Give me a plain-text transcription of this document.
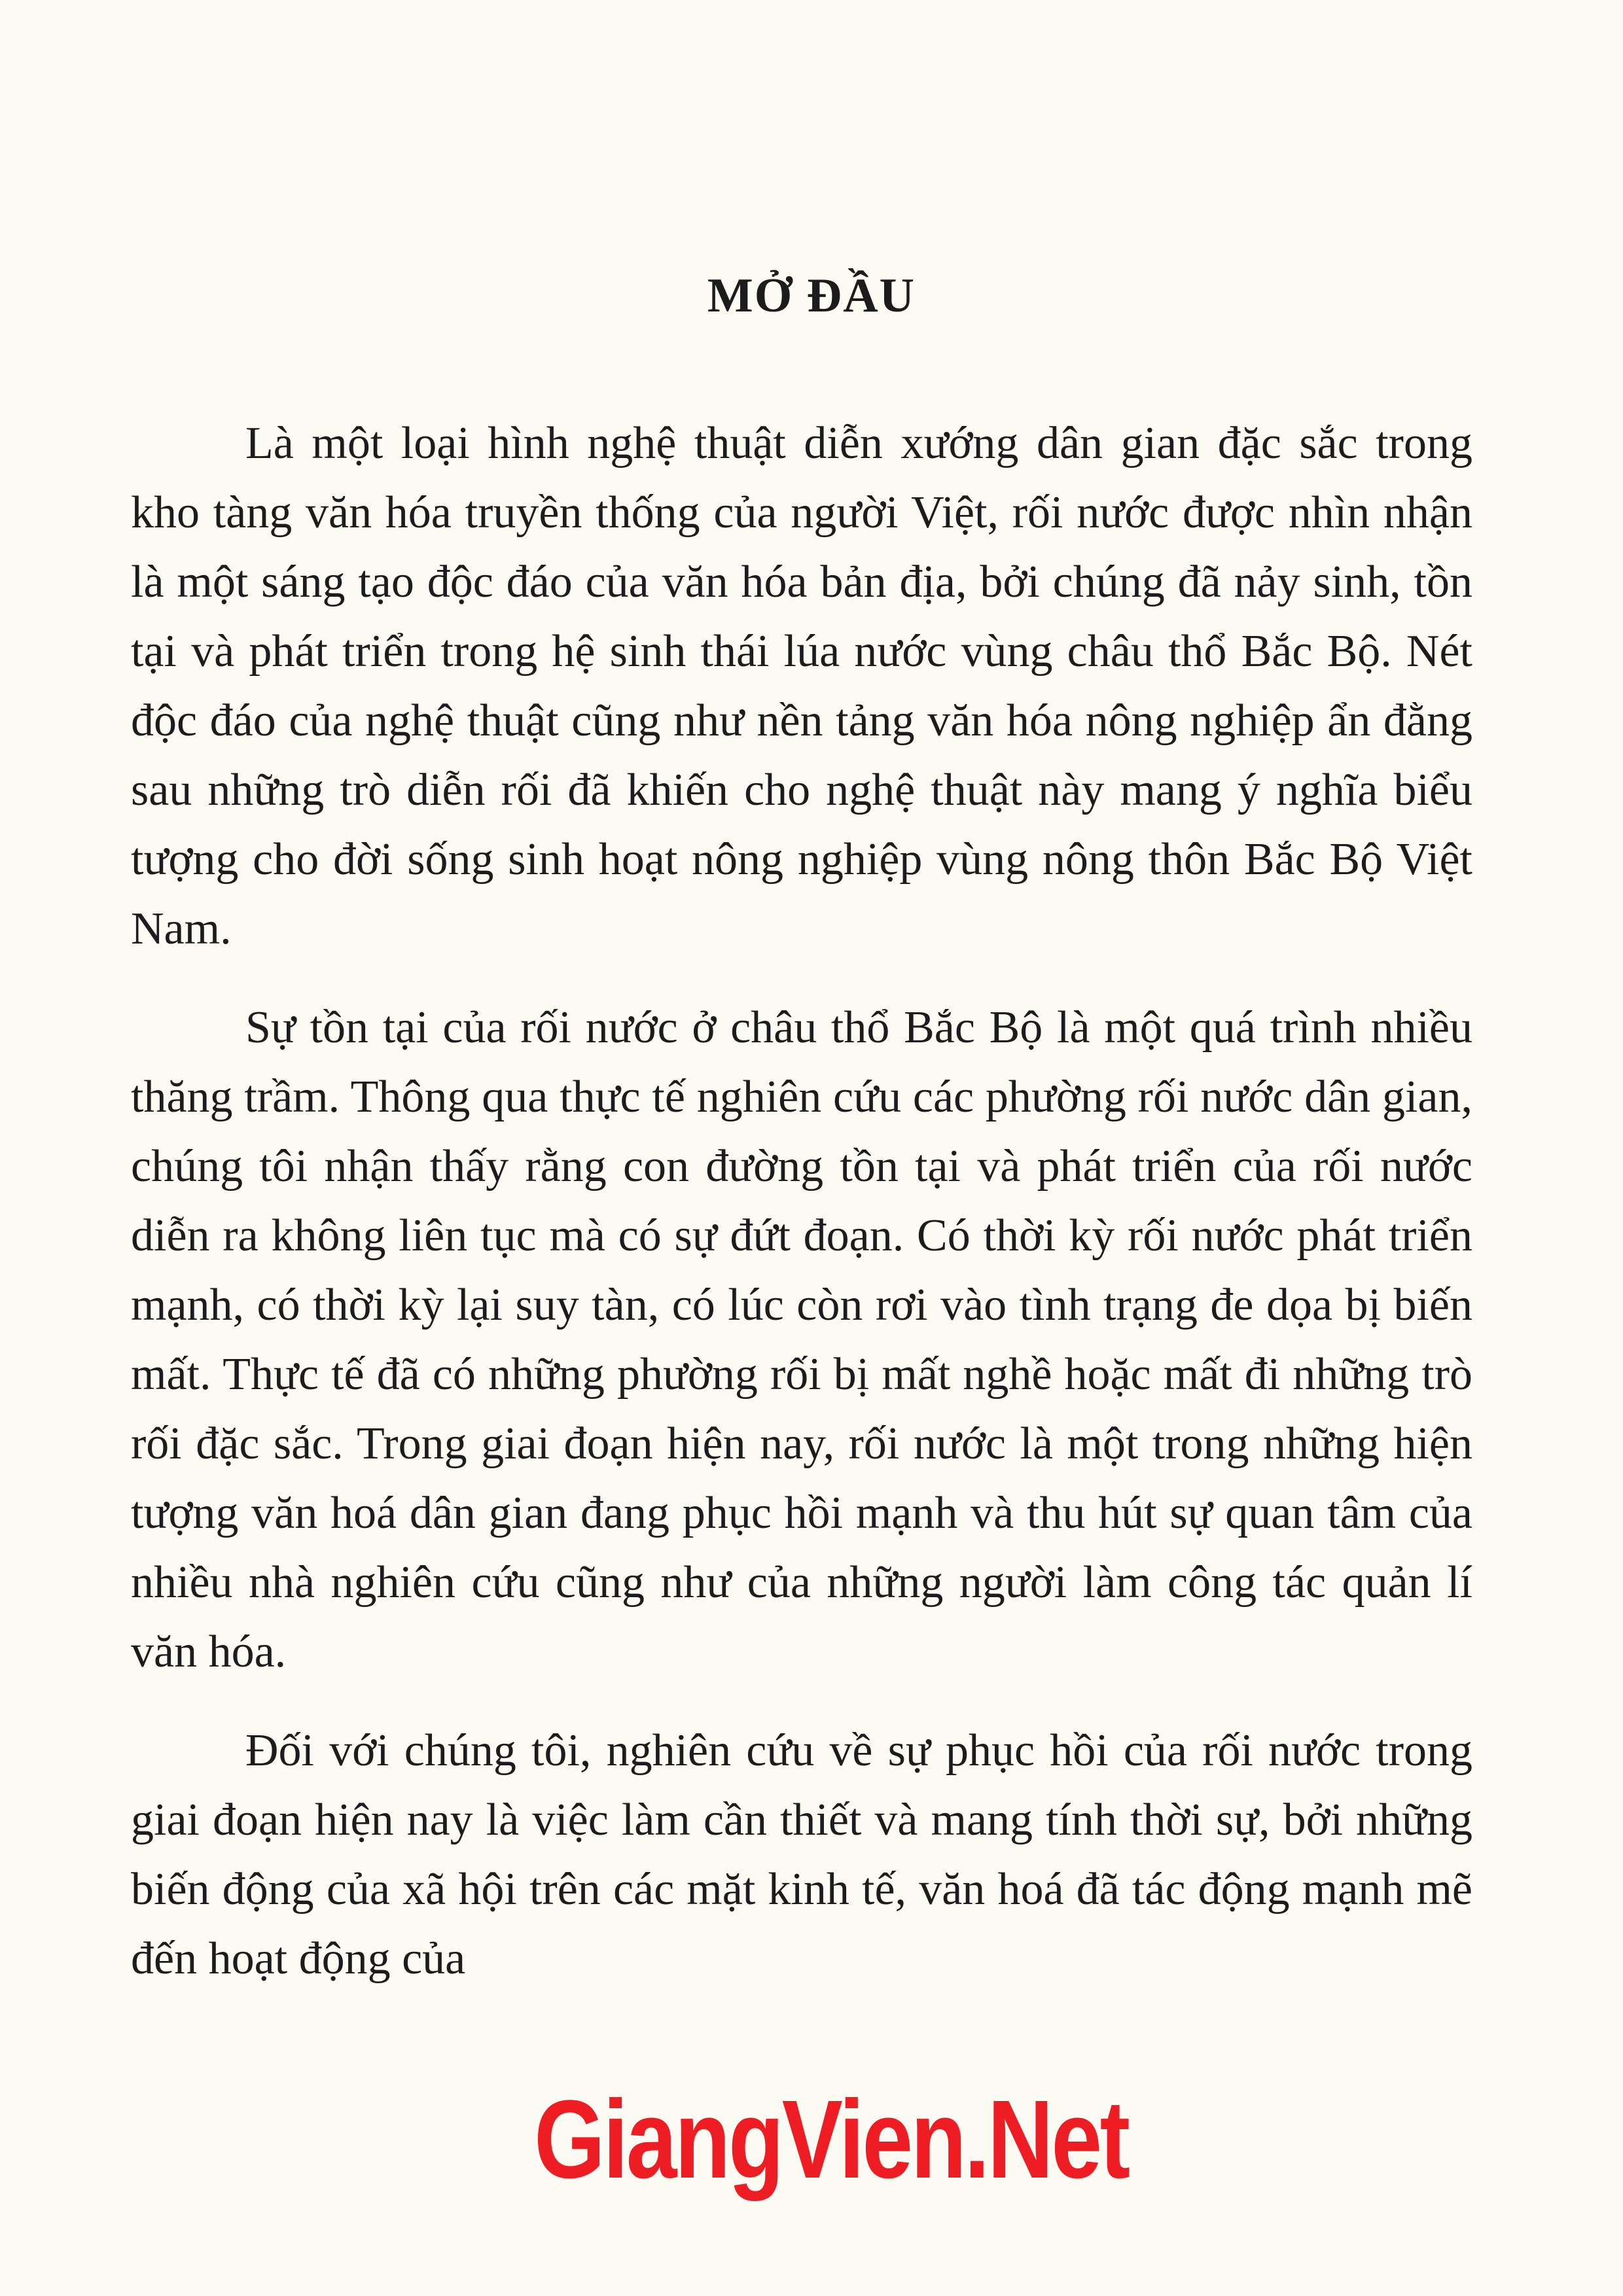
MỞ ĐẦU

Là một loại hình nghệ thuật diễn xướng dân gian đặc sắc trong kho tàng văn hóa truyền thống của người Việt, rối nước được nhìn nhận là một sáng tạo độc đáo của văn hóa bản địa, bởi chúng đã nảy sinh, tồn tại và phát triển trong hệ sinh thái lúa nước vùng châu thổ Bắc Bộ. Nét độc đáo của nghệ thuật cũng như nền tảng văn hóa nông nghiệp ẩn đằng sau những trò diễn rối đã khiến cho nghệ thuật này mang ý nghĩa biểu tượng cho đời sống sinh hoạt nông nghiệp vùng nông thôn Bắc Bộ Việt Nam.

Sự tồn tại của rối nước ở châu thổ Bắc Bộ là một quá trình nhiều thăng trầm. Thông qua thực tế nghiên cứu các phường rối nước dân gian, chúng tôi nhận thấy rằng con đường tồn tại và phát triển của rối nước diễn ra không liên tục mà có sự đứt đoạn. Có thời kỳ rối nước phát triển mạnh, có thời kỳ lại suy tàn, có lúc còn rơi vào tình trạng đe dọa bị biến mất. Thực tế đã có những phường rối bị mất nghề hoặc mất đi những trò rối đặc sắc. Trong giai đoạn hiện nay, rối nước là một trong những hiện tượng văn hoá dân gian đang phục hồi mạnh và thu hút sự quan tâm của nhiều nhà nghiên cứu cũng như của những người làm công tác quản lí văn hóa.

Đối với chúng tôi, nghiên cứu về sự phục hồi của rối nước trong giai đoạn hiện nay là việc làm cần thiết và mang tính thời sự, bởi những biến động của xã hội trên các mặt kinh tế, văn hoá đã tác động mạnh mẽ đến hoạt động của

GiangVien.Net
